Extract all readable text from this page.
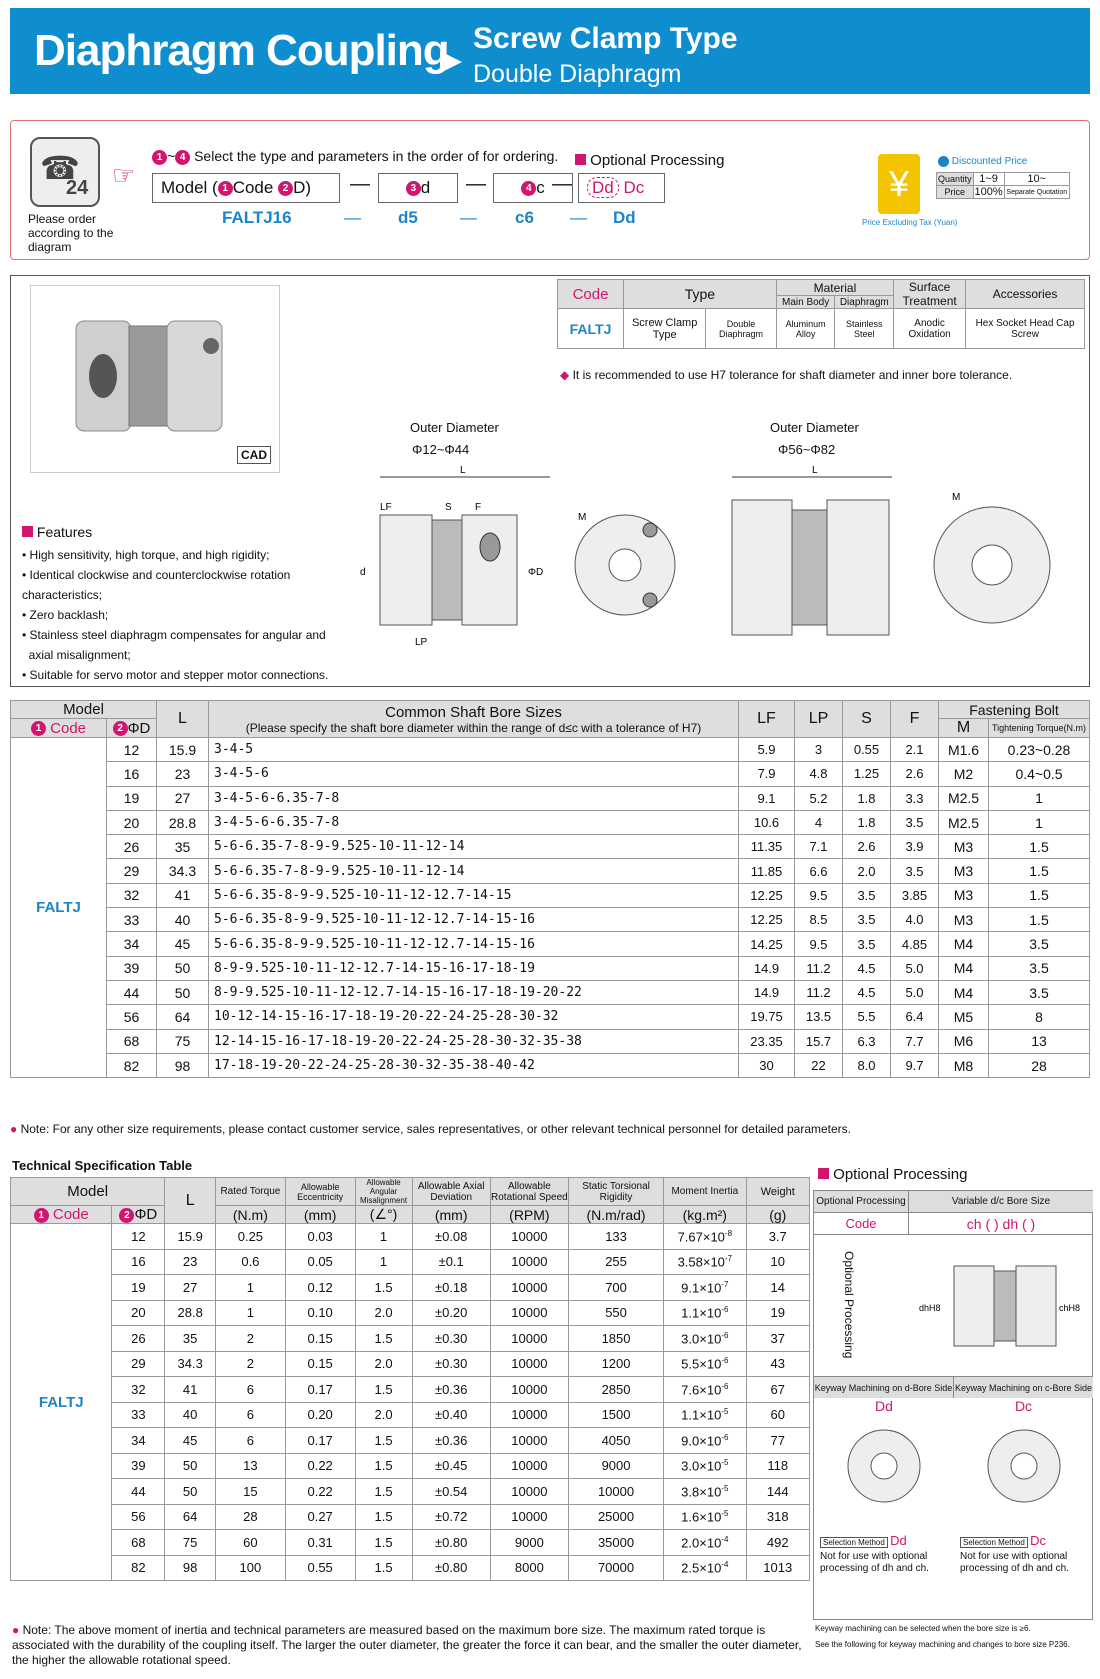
Diaphragm Coupling Screw Clamp Type
Double Diaphragm
☎
24
Please order according to the diagram
☞
1 ~ 4 Select the type and parameters in the order of for ordering.	Optional Processing
Model ( 1 Code 2 D)	—	3 d	—	4 c —	Dd Dc
FALTJ16	— d5 — c6 — Dd
¥
Price Excluding Tax (Yuan)
Discounted Price
Quantity	1~9	10~
Price	100%	Separate Quotation
CAD
Code	Type		Material		Surface Treatment	Accessories
			Main Body	Diaphragm		
FALTJ	Screw Clamp Type	Double Diaphragm	Aluminum Alloy	Stainless Steel	Anodic Oxidation	Hex Socket Head Cap Screw
◆ It is recommended to use H7 tolerance for shaft diameter and inner bore tolerance.
Outer Diameter
Φ12~Φ44
Outer Diameter
Φ56~Φ82
L
LF	S F
LP
d	ΦD
M
L
M
Features
• High sensitivity, high torque, and high rigidity;
• Identical clockwise and counterclockwise rotation characteristics;
• Zero backlash;
• Stainless steel diaphragm compensates for angular and
axial misalignment;
• Suitable for servo motor and stepper motor connections.
Model		L	Common Shaft Bore Sizes
(Please specify the shaft bore diameter within the range of d≤c with a tolerance of H7)	LF	LP	S	F	Fastening Bolt	
1 Code	2 ΦD							M	Tightening Torque(N.m)
FALTJ	12	15.9	3-4-5	5.9	3	0.55	2.1	M1.6	0.23~0.28
	16	23	3-4-5-6	7.9	4.8	1.25	2.6	M2	0.4~0.5
	19	27	3-4-5-6-6.35-7-8	9.1	5.2	1.8	3.3	M2.5	1
	20	28.8	3-4-5-6-6.35-7-8	10.6	4	1.8	3.5	M2.5	1
	26	35	5-6-6.35-7-8-9-9.525-10-11-12-14	11.35	7.1	2.6	3.9	M3	1.5
	29	34.3	5-6-6.35-7-8-9-9.525-10-11-12-14	11.85	6.6	2.0	3.5	M3	1.5
	32	41	5-6-6.35-8-9-9.525-10-11-12-12.7-14-15	12.25	9.5	3.5	3.85	M3	1.5
	33	40	5-6-6.35-8-9-9.525-10-11-12-12.7-14-15-16	12.25	8.5	3.5	4.0	M3	1.5
	34	45	5-6-6.35-8-9-9.525-10-11-12-12.7-14-15-16	14.25	9.5	3.5	4.85	M4	3.5
	39	50	8-9-9.525-10-11-12-12.7-14-15-16-17-18-19	14.9	11.2	4.5	5.0	M4	3.5
	44	50	8-9-9.525-10-11-12-12.7-14-15-16-17-18-19-20-22	14.9	11.2	4.5	5.0	M4	3.5
	56	64	10-12-14-15-16-17-18-19-20-22-24-25-28-30-32	19.75	13.5	5.5	6.4	M5	8
	68	75	12-14-15-16-17-18-19-20-22-24-25-28-30-32-35-38	23.35	15.7	6.3	7.7	M6	13
	82	98	17-18-19-20-22-24-25-28-30-32-35-38-40-42	30	22	8.0	9.7	M8	28
● Note: For any other size requirements, please contact customer service, sales representatives, or other relevant technical personnel for detailed parameters.
Technical Specification Table
Model		L	Rated Torque	Allowable Eccentricity	Allowable Angular Misalignment	Allowable Axial Deviation	Allowable Rotational Speed	Static Torsional Rigidity	Moment Inertia	Weight
1 Code	2 ΦD		(N.m)	(mm)	(∠°)	(mm)	(RPM)	(N.m/rad)	(kg.m²)	(g)
FALTJ	12	15.9	0.25	0.03	1	±0.08	10000	133	$7.67\times 10^{-8}$	3.7
	16	23	0.6	0.05	1	±0.1	10000	255	$3.58\times 10^{-7}$	10
	19	27	1	0.12	1.5	±0.18	10000	700	$9.1\times 10^{-7}$	14
	20	28.8	1	0.10	2.0	±0.20	10000	550	$1.1\times 10^{-6}$	19
	26	35	2	0.15	1.5	±0.30	10000	1850	$3.0\times 10^{-6}$	37
	29	34.3	2	0.15	2.0	±0.30	10000	1200	$5.5\times 10^{-6}$	43
	32	41	6	0.17	1.5	±0.36	10000	2850	$7.6\times 10^{-6}$	67
	33	40	6	0.20	2.0	±0.40	10000	1500	$1.1\times 10^{-5}$	60
	34	45	6	0.17	1.5	±0.36	10000	4050	$9.0\times 10^{-6}$	77
	39	50	13	0.22	1.5	±0.45	10000	9000	$3.0\times 10^{-5}$	118
	44	50	15	0.22	1.5	±0.54	10000	10000	$3.8\times 10^{-5}$	144
	56	64	28	0.27	1.5	±0.72	10000	25000	$1.6\times 10^{-5}$	318
	68	75	60	0.31	1.5	±0.80	9000	35000	$2.0\times 10^{-4}$	492
	82	98	100	0.55	1.5	±0.80	8000	70000	$2.5\times 10^{-4}$	1013
● Note: The above moment of inertia and technical parameters are measured based on the maximum bore size. The maximum rated torque is associated with the durability of the coupling itself. The larger the outer diameter, the greater the force it can bear, and the smaller the outer diameter, the higher the allowable rotational speed.
Optional Processing
Optional Processing	Variable d/c Bore Size
Code	ch ( ) dh ( )
Optional Processing	dhH8	chH8
Keyway Machining on d-Bore Side Keyway Machining on c-Bore Side
Dd	Dc
Selection Method Dd	Selection Method Dc
Not for use with optional processing of dh and ch.
Not for use with optional processing of dh and ch.
Keyway machining can be selected when the bore size is ≥6.
See the following for keyway machining and changes to bore size P236.
